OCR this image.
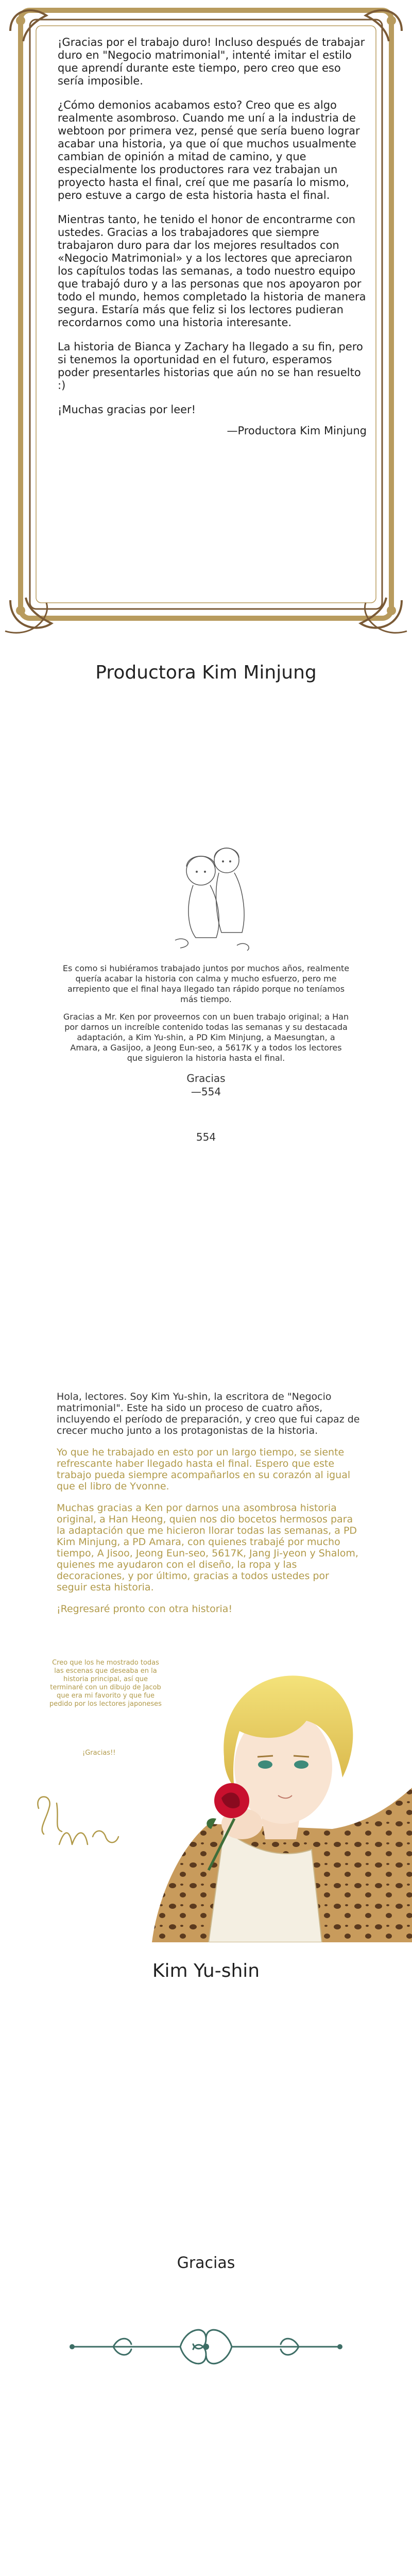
¡Gracias por el trabajo duro! Incluso después de trabajar duro en "Negocio matrimonial", intenté imitar el estilo que aprendí durante este tiempo, pero creo que eso sería imposible.

¿Cómo demonios acabamos esto? Creo que es algo realmente asombroso. Cuando me uní a la industria de webtoon por primera vez, pensé que sería bueno lograr acabar una historia, ya que oí que muchos usualmente cambian de opinión a mitad de camino, y que especialmente los productores rara vez trabajan un proyecto hasta el final, creí que me pasaría lo mismo, pero estuve a cargo de esta historia hasta el final.

Mientras tanto, he tenido el honor de encontrarme con ustedes. Gracias a los trabajadores que siempre trabajaron duro para dar los mejores resultados con «Negocio Matrimonial» y a los lectores que apreciaron los capítulos todas las semanas, a todo nuestro equipo que trabajó duro y a las personas que nos apoyaron por todo el mundo, hemos completado la historia de manera segura. Estaría más que feliz si los lectores pudieran recordarnos como una historia interesante.

La historia de Bianca y Zachary ha llegado a su fin, pero si tenemos la oportunidad en el futuro, esperamos poder presentarles historias que aún no se han resuelto :)

¡Muchas gracias por leer!

—Productora Kim Minjung

Productora Kim Minjung

Es como si hubiéramos trabajado juntos por muchos años, realmente quería acabar la historia con calma y mucho esfuerzo, pero me arrepiento que el final haya llegado tan rápido porque no teníamos más tiempo.

Gracias a Mr. Ken por proveernos con un buen trabajo original; a Han por darnos un increíble contenido todas las semanas y su destacada adaptación, a Kim Yu-shin, a PD Kim Minjung, a Maesungtan, a Amara, a Gasijoo, a Jeong Eun-seo, a 5617K y a todos los lectores que siguieron la historia hasta el final.

Gracias
—554
554

Hola, lectores. Soy Kim Yu-shin, la escritora de "Negocio matrimonial". Este ha sido un proceso de cuatro años, incluyendo el período de preparación, y creo que fui capaz de crecer mucho junto a los protagonistas de la historia.

Yo que he trabajado en esto por un largo tiempo, se siente refrescante haber llegado hasta el final. Espero que este trabajo pueda siempre acompañarlos en su corazón al igual que el libro de Yvonne.

Muchas gracias a Ken por darnos una asombrosa historia original, a Han Heong, quien nos dio bocetos hermosos para la adaptación que me hicieron llorar todas las semanas, a PD Kim Minjung, a PD Amara, con quienes trabajé por mucho tiempo, A Jisoo, Jeong Eun-seo, 5617K, Jang Ji-yeon y Shalom, quienes me ayudaron con el diseño, la ropa y las decoraciones, y por último, gracias a todos ustedes por seguir esta historia.

¡Regresaré pronto con otra historia!

Creo que los he mostrado todas las escenas que deseaba en la historia principal, así que terminaré con un dibujo de Jacob que era mi favorito y que fue pedido por los lectores japoneses
¡Gracias!!
Kim Yu-shin
Gracias
